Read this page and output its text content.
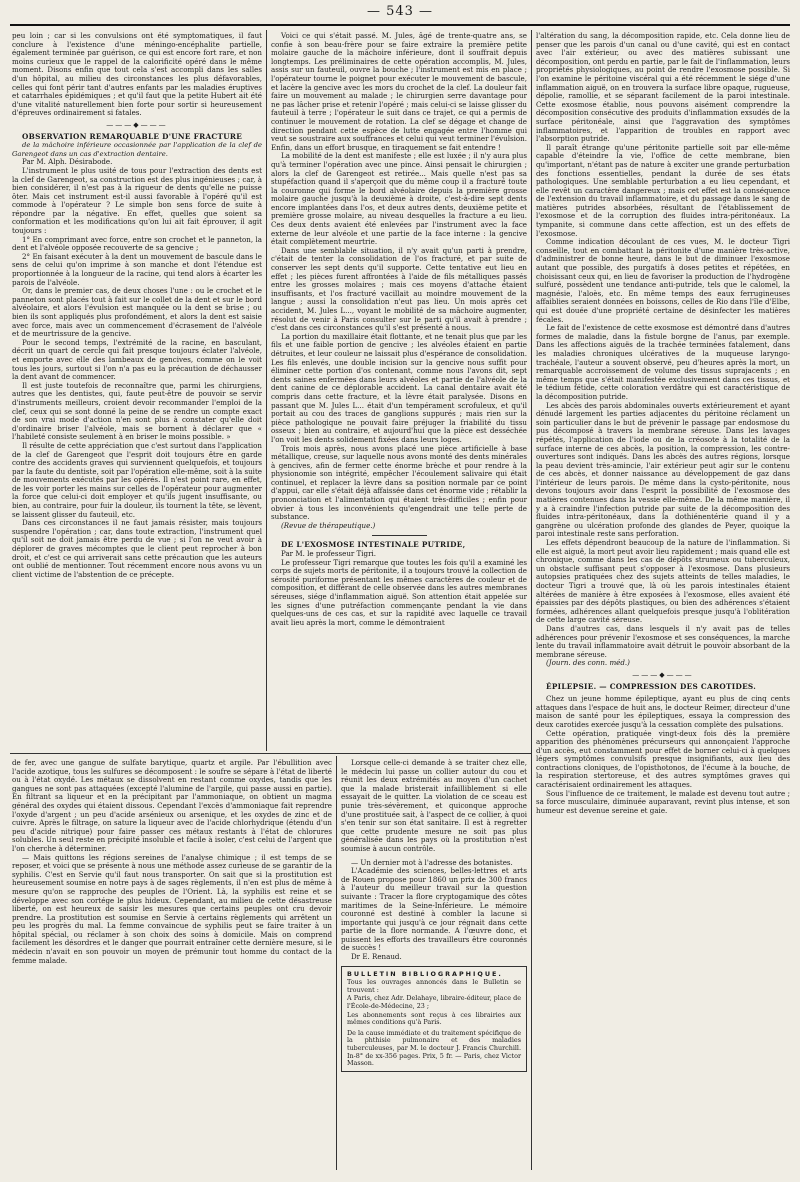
— 543 —

peu loin ; car si les convulsions ont été symptomatiques, il faut conclure à l'existence d'une méningo-encéphalite partielle, également terminée par guérison, ce qui est encore fort rare, et non moins curieux que le rappel de la calorificité opéré dans le même moment. Disons enfin que tout cela s'est accompli dans les salles d'un hôpital, au milieu des circonstances les plus défavorables, celles qui font périr tant d'autres enfants par les maladies éruptives et catarrhales épidémiques ; et qu'il faut que la petite Hubert ait été d'une vitalité naturellement bien forte pour sortir si heureusement d'épreuves ordinairement si fatales.

———◆———

OBSERVATION REMARQUABLE D'UNE FRACTURE

de la mâchoire inférieure occasionnée par l'application de la clef de Garengeot dans un cas d'extraction dentaire.

Par M. Alph. Désirabode.

L'instrument le plus usité de tous pour l'extraction des dents est la clef de Garengeot, sa construction est des plus ingénieuses ; car, à bien considérer, il n'est pas à la rigueur de dents qu'elle ne puisse ôter. Mais cet instrument est-il aussi favorable à l'opéré qu'il est commode à l'opérateur ? Le simple bon sens force de suite à répondre par la négative. En effet, quelles que soient sa conformation et les modifications qu'on lui ait fait éprouver, il agit toujours :

1° En comprimant avec force, entre son crochet et le panneton, la dent et l'alvéole opposée recouverte de sa gencive ;

2° En faisant exécuter à la dent un mouvement de bascule dans le sens de celui qu'on imprime à son manche et dont l'étendue est proportionnée à la longueur de la racine, qui tend alors à écarter les parois de l'alvéole.

Or, dans le premier cas, de deux choses l'une : ou le crochet et le panneton sont placés tout à fait sur le collet de la dent et sur le bord alvéolaire, et alors l'évulsion est manquée ou la dent se brise ; ou bien ils sont appliqués plus profondément, et alors la dent est saisie avec force, mais avec un commencement d'écrasement de l'alvéole et de meurtrissure de la gencive.

Pour le second temps, l'extrémité de la racine, en basculant, décrit un quart de cercle qui fait presque toujours éclater l'alvéole, et emporte avec elle des lambeaux de gencives, comme on le voit tous les jours, surtout si l'on n'a pas eu la précaution de déchausser la dent avant de commencer.

Il est juste toutefois de reconnaître que, parmi les chirurgiens, autres que les dentistes, qui, faute peut-être de pouvoir se servir d'instruments meilleurs, croient devoir recommander l'emploi de la clef, ceux qui se sont donné la peine de se rendre un compte exact de son vrai mode d'action n'en sont plus à constater qu'elle doit d'ordinaire briser l'alvéole, mais se bornent à déclarer que « l'habileté consiste seulement à en briser le moins possible. »

Il résulte de cette appréciation que c'est surtout dans l'application de la clef de Garengeot que l'esprit doit toujours être en garde contre des accidents graves qui surviennent quelquefois, et toujours par la faute du dentiste, soit par l'opération elle-même, soit à la suite de mouvements exécutés par les opérés. Il n'est point rare, en effet, de les voir porter les mains sur celles de l'opérateur pour augmenter la force que celui-ci doit employer et qu'ils jugent insuffisante, ou bien, au contraire, pour fuir la douleur, ils tournent la tête, se lèvent, se laissent glisser du fauteuil, etc.

Dans ces circonstances il ne faut jamais résister, mais toujours suspendre l'opération ; car, dans toute extraction, l'instrument quel qu'il soit ne doit jamais être perdu de vue ; si l'on ne veut avoir à déplorer de graves mécomptes que le client peut reprocher à bon droit, et c'est ce qui arriverait sans cette précaution que les auteurs ont oublié de mentionner. Tout récemment encore nous avons vu un client victime de l'abstention de ce précepte.

Voici ce qui s'était passé. M. Jules, âgé de trente-quatre ans, se confie à son beau-frère pour se faire extraire la première petite molaire gauche de la mâchoire inférieure, dont il souffrait depuis longtemps. Les préliminaires de cette opération accomplis, M. Jules, assis sur un fauteuil, ouvre la bouche ; l'instrument est mis en place ; l'opérateur tourne le poignet pour exécuter le mouvement de bascule, et lacère la gencive avec les mors du crochet de la clef. La douleur fait faire un mouvement au malade ; le chirurgien serre davantage pour ne pas lâcher prise et retenir l'opéré ; mais celui-ci se laisse glisser du fauteuil à terre ; l'opérateur le suit dans ce trajet, ce qui a permis de continuer le mouvement de rotation. La clef se dégage et change de direction pendant cette espèce de lutte engagée entre l'homme qui veut se soustraire aux souffrances et celui qui veut terminer l'évulsion. Enfin, dans un effort brusque, en tiraquement se fait entendre !

La mobilité de la dent est manifeste ; elle est luxée ; il n'y aura plus qu'à terminer l'opération avec une pince. Ainsi pensait le chirurgien ; alors la clef de Garengeot est retirée... Mais quelle n'est pas sa stupéfaction quand il s'aperçoit que du même coup il a fracturé toute la couronne qui forme le bord alvéolaire depuis la première grosse molaire gauche jusqu'à la deuxième à droite, c'est-à-dire sept dents encore implantées dans l'os, et deux autres dents, deuxième petite et première grosse molaire, au niveau desquelles la fracture a eu lieu. Ces deux dents avaient été enlevées par l'instrument avec la face externe de leur alvéole et une partie de la face interne : la gencive était complètement meurtrie.

Dans une semblable situation, il n'y avait qu'un parti à prendre, c'était de tenter la consolidation de l'os fracturé, et par suite de conserver les sept dents qu'il supporte. Cette tentative eut lieu en effet ; les pièces furent affrontées à l'aide de fils métalliques passés entre les grosses molaires ; mais ces moyens d'attache étaient insuffisants, et l'os fracturé vacillait au moindre mouvement de la langue ; aussi la consolidation n'eut pas lieu. Un mois après cet accident, M. Jules L..., voyant le mobilité de sa mâchoire augmenter, résolut de venir à Paris consulter sur le parti qu'il avait à prendre ; c'est dans ces circonstances qu'il s'est présenté à nous.

La portion du maxillaire était flottante, et ne tenait plus que par les fils et une faible portion de gencive ; les alvéoles étaient en partie détruites, et leur couleur ne laissait plus d'espérance de consolidation. Les fils enlevés, une double incision sur la gencive nous suffit pour éliminer cette portion d'os contenant, comme nous l'avons dit, sept dents saines enfermées dans leurs alvéoles et partie de l'alvéole de la dent canine de ce déplorable accident. La canal dentaire avait été compris dans cette fracture, et la lèvre était paralysée. Disons en passant que M. Jules L... était d'un tempérament scrofuleux, et qu'il portait au cou des traces de ganglions suppurés ; mais rien sur la pièce pathologique ne pouvait faire préjuger la friabilité du tissu osseux ; bien au contraire, et aujourd'hui que la pièce est desséchée l'on voit les dents solidement fixées dans leurs loges.

Trois mois après, nous avons placé une pièce artificielle à base métallique, creuse, sur laquelle nous avons monté des dents minérales à gencives, afin de fermer cette énorme brèche et pour rendre à la physionomie son intégrité, empêcher l'écoulement salivaire qui était continuel, et replacer la lèvre dans sa position normale par ce point d'appui, car elle s'était déjà affaissée dans cet énorme vide ; rétablir la prononciation et l'alimentation qui étaient très-difficiles ; enfin pour obvier à tous les inconvénients qu'engendrait une telle perte de substance.

(Revue de thérapeutique.)

DE L'EXOSMOSE INTESTINALE PUTRIDE,

Par M. le professeur Tigri.

Le professeur Tigri remarque que toutes les fois qu'il a examiné les corps de sujets morts de péritonite, il a toujours trouvé la collection de sérosité puriforme présentant les mêmes caractères de couleur et de composition, et différant de celle observée dans les autres membranes séreuses, siége d'inflammation aiguë. Son attention était appelée sur les signes d'une putréfaction commençante pendant la vie dans quelques-uns de ces cas, et sur la rapidité avec laquelle ce travail avait lieu après la mort, comme le démontraient

l'altération du sang, la décomposition rapide, etc. Cela donne lieu de penser que les parois d'un canal ou d'une cavité, qui est en contact avec l'air extérieur, ou avec des matières subissant une décomposition, ont perdu en partie, par le fait de l'inflammation, leurs propriétés physiologiques, au point de rendre l'exosmose possible. Si l'on examine le péritoine viscéral qui a été récemment le siége d'une inflammation aiguë, on en trouvera la surface libre opaque, rugueuse, dépolie, ramollie, et se séparant facilement de la paroi intestinale. Cette exosmose établie, nous pouvons aisément comprendre la décomposition consécutive des produits d'inflammation exsudés de la surface péritonéale, ainsi que l'aggravation des symptômes inflammatoires, et l'apparition de troubles en rapport avec l'absorption putride.

Il paraît étrange qu'une péritonite partielle soit par elle-même capable d'éteindre la vie, l'office de cette membrane, bien qu'important, n'étant pas de nature à exciter une grande perturbation des fonctions essentielles, pendant la durée de ses états pathologiques. Une semblable perturbation a eu lieu cependant, et elle revêt un caractère dangereux ; mais cet effet est la conséquence de l'extension du travail inflammatoire, et du passage dans le sang de matières putrides absorbées, résultant de l'établissement de l'exosmose et de la corruption des fluides intra-péritonéaux. La tympanite, si commune dans cette affection, est un des effets de l'exosmose.

Comme indication découlant de ces vues, M. le docteur Tigri conseille, tout en combattant la péritonite d'une manière très-active, d'administrer de bonne heure, dans le but de diminuer l'exosmose autant que possible, des purgatifs à doses petites et répétées, en choisissant ceux qui, en lieu de favoriser la production de l'hydrogène sulfuré, possèdent une tendance anti-putride, tels que le calomel, la magnésie, l'aloès, etc. En même temps des eaux ferrugineuses affaiblies seraient données en boissons, celles de Rio dans l'île d'Elbe, qui est douée d'une propriété certaine de désinfecter les matières fécales.

Le fait de l'existence de cette exosmose est démontré dans d'autres formes de maladie, dans la fistule borgne de l'anus, par exemple. Dans les affections aiguës de la trachée terminées fatalement, dans les maladies chroniques ulcératives de la muqueuse laryngo-trachéale, l'auteur a souvent observé, peu d'heures après la mort, un remarquable accroissement de volume des tissus suprajacents ; en même temps que s'était manifestée exclusivement dans ces tissus, et le tédium fétide, cette coloration verdâtre qui est caractéristique de la décomposition putride.

Les abcès des parois abdominales ouverts extérieurement et ayant dénudé largement les parties adjacentes du péritoine réclament un soin particulier dans le but de prévenir le passage par endosmose du pus décomposé à travers la membrane séreuse. Dans les lavages répétés, l'application de l'iode ou de la créosote à la totalité de la surface interne de ces abcès, la position, la compression, les contre-ouvertures sont indiqués. Dans les abcès des autres régions, lorsque la peau devient très-amincie, l'air extérieur peut agir sur le contenu de ces abcès, et donner naissance au développement de gaz dans l'intérieur de leurs parois. De même dans la cysto-péritonite, nous devons toujours avoir dans l'esprit la possibilité de l'exosmose des matières contenues dans la vessie elle-même. De la même manière, il y a à craindre l'infection putride par suite de la décomposition des fluides intra-péritonéaux, dans la dothiénentérie quand il y a gangrène ou ulcération profonde des glandes de Peyer, quoique la paroi intestinale reste sans perforation.

Les effets dépendront beaucoup de la nature de l'inflammation. Si elle est aiguë, la mort peut avoir lieu rapidement ; mais quand elle est chronique, comme dans les cas de dépôts strumeux ou tuberculeux, un obstacle suffisant peut s'opposer à l'exosmose. Dans plusieurs autopsies pratiquées chez des sujets atteints de telles maladies, le docteur Tigri a trouvé que, là où les parois intestinales étaient altérées de manière à être exposées à l'exosmose, elles avaient été épaissies par des dépôts plastiques, ou bien des adhérences s'étaient formées, adhérences allant quelquefois presque jusqu'à l'oblitération de cette large cavité séreuse.

Dans d'autres cas, dans lesquels il n'y avait pas de telles adhérences pour prévenir l'exosmose et ses conséquences, la marche lente du travail inflammatoire avait détruit le pouvoir absorbant de la membrane séreuse.

(Journ. des conn. méd.)

———◆———

ÉPILEPSIE. — COMPRESSION DES CAROTIDES.

Chez un jeune homme épileptique, ayant eu plus de cinq cents attaques dans l'espace de huit ans, le docteur Reimer, directeur d'une maison de santé pour les épileptiques, essaya la compression des deux carotides exercée jusqu'à la cessation complète des pulsations.

Cette opération, pratiquée vingt-deux fois dès la première apparition des phénomènes précurseurs qui annonçaient l'approche d'un accès, eut constamment pour effet de borner celui-ci à quelques légers symptômes convulsifs presque insignifiants, aux lieu des contractions cloniques, de l'opisthotonos, de l'écume à la bouche, de la respiration stertoreuse, et des autres symptômes graves qui caractérisaient ordinairement les attaques.

Sous l'influence de ce traitement, le malade est devenu tout autre ; sa force musculaire, diminuée auparavant, revint plus intense, et son humeur est devenue sereine et gaie.

de fer, avec une gangue de sulfate barytique, quartz et argile. Par l'ébullition avec l'acide azotique, tous les sulfures se décomposent : le soufre se sépare à l'état de liberté ou à l'état oxydé. Les métaux se dissolvent en restant comme oxydes, tandis que les gangues ne sont pas attaquées (excepté l'alumine de l'argile, qui passe aussi en partie). En filtrant sa liqueur et en la précipitant par l'ammoniaque, on obtient un magma général des oxydes qui étaient dissous. Cependant l'excès d'ammoniaque fait reprendre l'oxyde d'argent ; un peu d'acide arsénieux ou arsenique, et les oxydes de zinc et de cuivre. Après le filtrage, on sature la liqueur avec de l'acide chlorhydrique (étendu d'un peu d'acide nitrique) pour faire passer ces métaux restants à l'état de chlorures solubles. Un seul reste en précipité insoluble et facile à isoler, c'est celui de l'argent que l'on cherche à déterminer.

— Mais quittons les régions sereines de l'analyse chimique ; il est temps de se reposer, et voici que se présente à nous une méthode assez curieuse de se garantir de la syphilis. C'est en Servie qu'il faut nous transporter. On sait que si la prostitution est heureusement soumise en notre pays à de sages règlements, il n'en est plus de même à mesure qu'on se rapproche des peuples de l'Orient. Là, la syphilis est reine et se développe avec son cortége le plus hideux. Cependant, au milieu de cette désastreuse liberté, on est heureux de saisir les mesures que certains peuples ont cru devoir prendre. La prostitution est soumise en Servie à certains règlements qui arrêtent un peu les progrès du mal. La femme convaincue de syphilis peut se faire traiter à un hôpital spécial, ou réclamer à son choix des soins à domicile. Mais on comprend facilement les désordres et le danger que pourrait entraîner cette dernière mesure, si le médecin n'avait en son pouvoir un moyen de prémunir tout homme du contact de la femme malade.

Lorsque celle-ci demande à se traiter chez elle, le médecin lui passe un collier autour du cou et réunit les deux extrémités au moyen d'un cachet que la malade bristerait infailliblement si elle essayait de le quitter. La violation de ce sceau est punie très-sévèrement, et quiconque approche d'une prostituée sait, à l'aspect de ce collier, à quoi s'en tenir sur son état sanitaire. Il est à regretter que cette prudente mesure ne soit pas plus généralisée dans les pays où la prostitution n'est soumise à aucun contrôle.

— Un dernier mot à l'adresse des botanistes.

L'Académie des sciences, belles-lettres et arts de Rouen propose pour 1860 un prix de 300 francs à l'auteur du meilleur travail sur la question suivante : Tracer la flore cryptogamique des côtes maritimes de la Seine-Inférieure. Le mémoire couronné est destiné à combler la lacune si importante qui jusqu'à ce jour régnait dans cette partie de la flore normande. A l'œuvre donc, et puissent les efforts des travailleurs être couronnés de succès !

Dr E. Renaud.

BULLETIN BIBLIOGRAPHIQUE.

Tous les ouvrages annoncés dans le Bulletin se trouvent :

A Paris, chez Adr. Delahaye, libraire-éditeur, place de l'École-de-Médecine, 23 ;

Les abonnements sont reçus à ces librairies aux mêmes conditions qu'à Paris.

De la cause immédiate et du traitement spécifique de la phthisie pulmonaire et des maladies tuberculeuses, par M. le docteur J. Francis Churchill. In-8° de xx-356 pages. Prix, 5 fr. — Paris, chez Victor Masson.
